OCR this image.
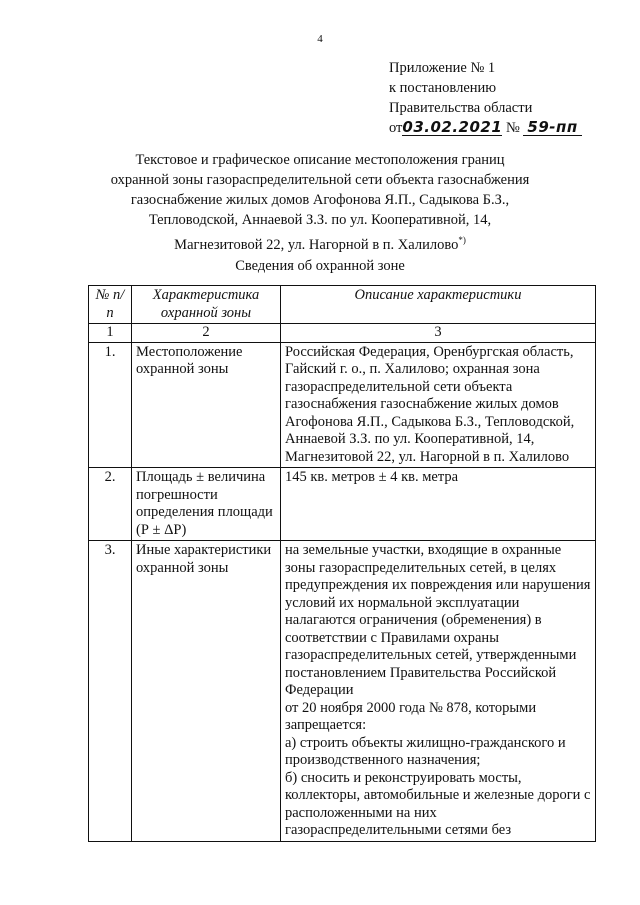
4
Приложение № 1
к постановлению
Правительства области
от03.02.2021 № 59-пп
Текстовое и графическое описание местоположения границ охранной зоны газораспределительной сети объекта газоснабжения газоснабжение жилых домов Агофонова Я.П., Садыкова Б.З., Тепловодской, Аннаевой З.З. по ул. Кооперативной, 14, Магнезитовой 22, ул. Нагорной в п. Халилово*)
Сведения об охранной зоне
№ п/п	Характеристика охранной зоны	Описание характеристики
1	2	3
1.	Местоположение охранной зоны	Российская Федерация, Оренбургская область, Гайский г. о., п. Халилово; охранная зона газораспределительной сети объекта газоснабжения газоснабжение жилых домов Агофонова Я.П., Садыкова Б.З., Тепловодской, Аннаевой З.З. по ул. Кооперативной, 14, Магнезитовой 22, ул. Нагорной в п. Халилово
2.	Площадь ± величина погрешности определения площади (Р ± ΔР)	145 кв. метров ± 4 кв. метра
3.	Иные характеристики охранной зоны	на земельные участки, входящие в охранные зоны газораспределительных сетей, в целях предупреждения их повреждения или нарушения условий их нормальной эксплуатации налагаются ограничения (обременения) в соответствии с Правилами охраны газораспределительных сетей, утвержденными постановлением Правительства Российской Федерации
от 20 ноября 2000 года № 878, которыми запрещается:
а) строить объекты жилищно-гражданского и производственного назначения;
б) сносить и реконструировать мосты, коллекторы, автомобильные и железные дороги с расположенными на них газораспределительными сетями без
